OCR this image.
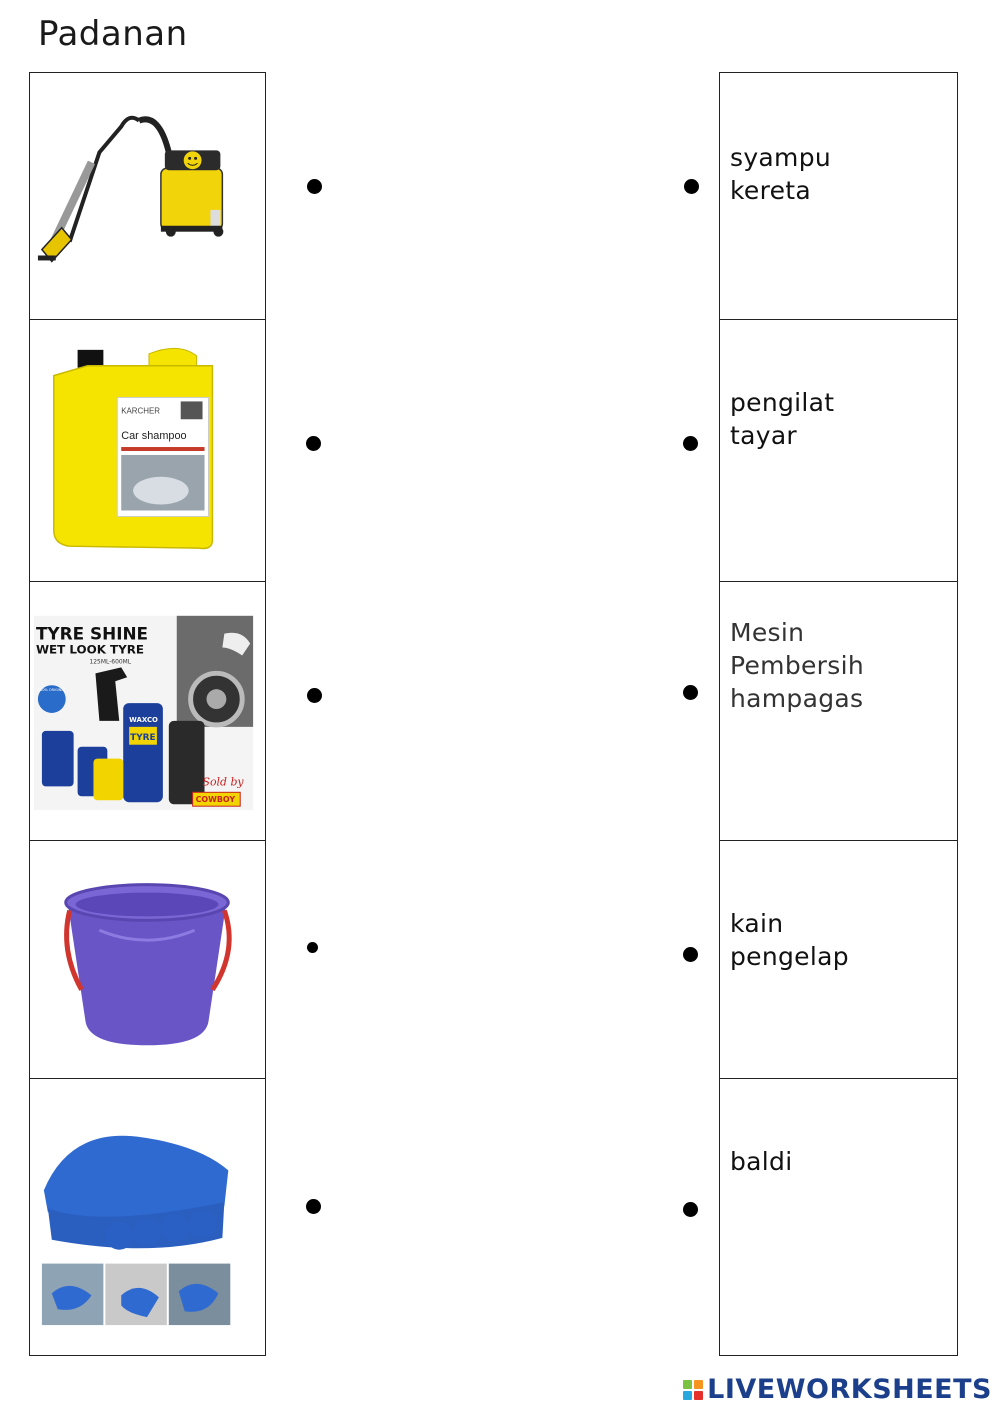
Padanan
syampu
kereta
KARCHER
Car shampoo
pengilat
tayar
TYRE SHINE
WET LOOK TYRE
125ML-600ML
100% ORIGINAL
WAXCO
TYRE
Sold by
COWBOY
Mesin
Pembersih
hampagas
kain
pengelap
baldi
LIVEWORKSHEETS
